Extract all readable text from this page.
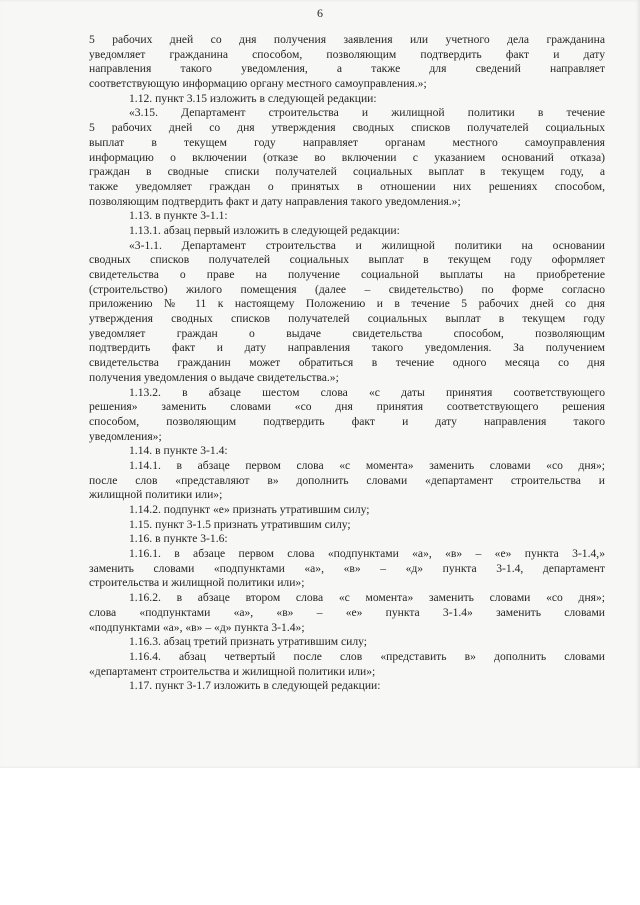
6
5 рабочих дней со дня получения заявления или учетного дела гражданина
уведомляет гражданина способом, позволяющим подтвердить факт и дату
направления такого уведомления, а также для сведений направляет
соответствующую информацию органу местного самоуправления.»;
1.12. пункт 3.15 изложить в следующей редакции:
«3.15. Департамент строительства и жилищной политики в течение
5 рабочих дней со дня утверждения сводных списков получателей социальных
выплат в текущем году направляет органам местного самоуправления
информацию о включении (отказе во включении с указанием оснований отказа)
граждан в сводные списки получателей социальных выплат в текущем году, а
также уведомляет граждан о принятых в отношении них решениях способом,
позволяющим подтвердить факт и дату направления такого уведомления.»;
1.13. в пункте 3-1.1:
1.13.1. абзац первый изложить в следующей редакции:
«3-1.1. Департамент строительства и жилищной политики на основании
сводных списков получателей социальных выплат в текущем году оформляет
свидетельства о праве на получение социальной выплаты на приобретение
(строительство) жилого помещения (далее – свидетельство) по форме согласно
приложению № 11 к настоящему Положению и в течение 5 рабочих дней со дня
утверждения сводных списков получателей социальных выплат в текущем году
уведомляет граждан о выдаче свидетельства способом, позволяющим
подтвердить факт и дату направления такого уведомления. За получением
свидетельства гражданин может обратиться в течение одного месяца со дня
получения уведомления о выдаче свидетельства.»;
1.13.2. в абзаце шестом слова «с даты принятия соответствующего
решения» заменить словами «со дня принятия соответствующего решения
способом, позволяющим подтвердить факт и дату направления такого
уведомления»;
1.14. в пункте 3-1.4:
1.14.1. в абзаце первом слова «с момента» заменить словами «со дня»;
после слов «представляют в» дополнить словами «департамент строительства и
жилищной политики или»;
1.14.2. подпункт «е» признать утратившим силу;
1.15. пункт 3-1.5 признать утратившим силу;
1.16. в пункте 3-1.6:
1.16.1. в абзаце первом слова «подпунктами «а», «в» – «е» пункта 3-1.4,»
заменить словами «подпунктами «а», «в» – «д» пункта 3-1.4, департамент
строительства и жилищной политики или»;
1.16.2. в абзаце втором слова «с момента» заменить словами «со дня»;
слова «подпунктами «а», «в» – «е» пункта 3-1.4» заменить словами
«подпунктами «а», «в» – «д» пункта 3-1.4»;
1.16.3. абзац третий признать утратившим силу;
1.16.4. абзац четвертый после слов «представить в» дополнить словами
«департамент строительства и жилищной политики или»;
1.17. пункт 3-1.7 изложить в следующей редакции:
